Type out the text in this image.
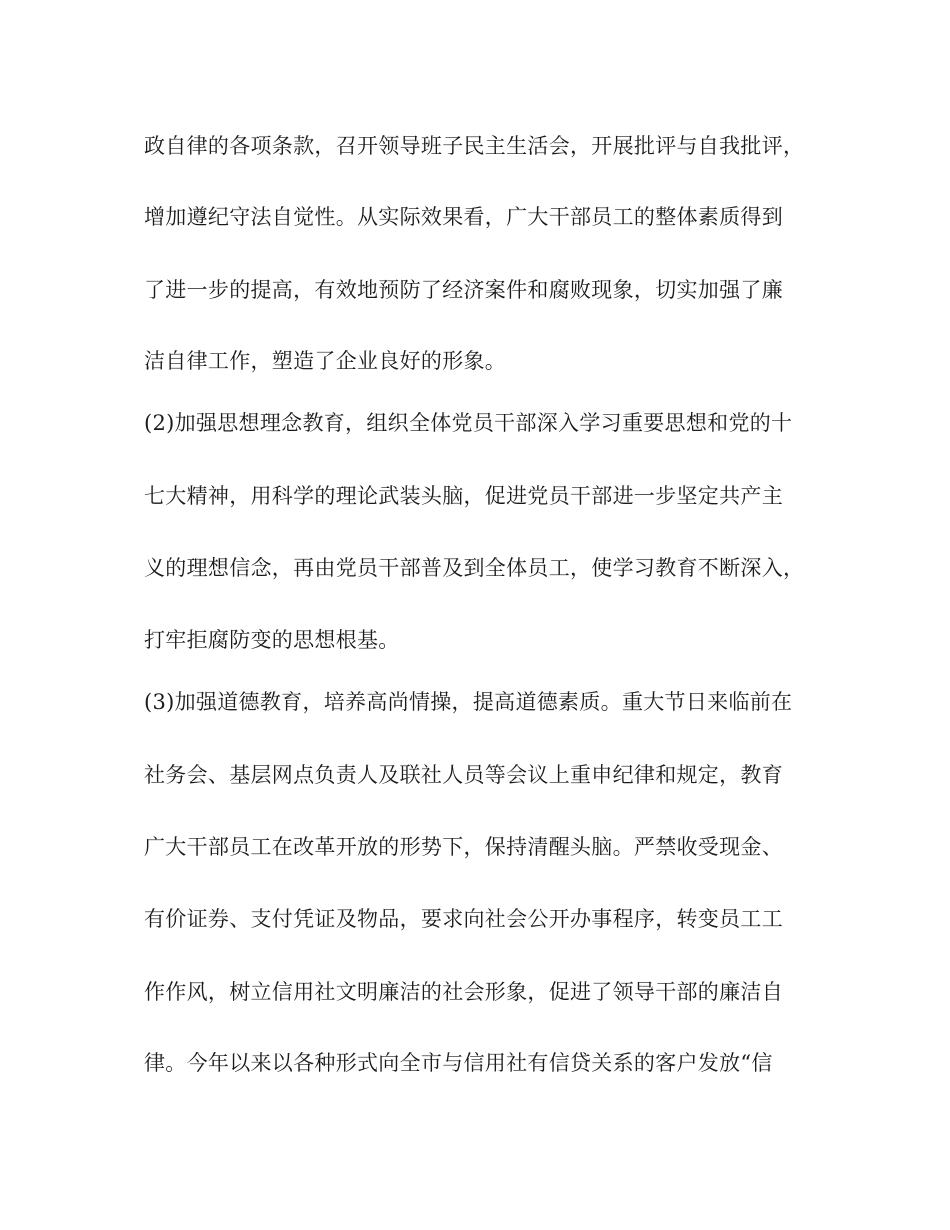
政自律的各项条款，召开领导班子民主生活会，开展批评与自我批评，
增加遵纪守法自觉性。从实际效果看，广大干部员工的整体素质得到
了进一步的提高，有效地预防了经济案件和腐败现象，切实加强了廉
洁自律工作，塑造了企业良好的形象。
(2)加强思想理念教育，组织全体党员干部深入学习重要思想和党的十
七大精神，用科学的理论武装头脑，促进党员干部进一步坚定共产主
义的理想信念，再由党员干部普及到全体员工，使学习教育不断深入，
打牢拒腐防变的思想根基。
(3)加强道德教育，培养高尚情操，提高道德素质。重大节日来临前在
社务会、基层网点负责人及联社人员等会议上重申纪律和规定，教育
广大干部员工在改革开放的形势下，保持清醒头脑。严禁收受现金、
有价证券、支付凭证及物品，要求向社会公开办事程序，转变员工工
作作风，树立信用社文明廉洁的社会形象，促进了领导干部的廉洁自
律。今年以来以各种形式向全市与信用社有信贷关系的客户发放“信
